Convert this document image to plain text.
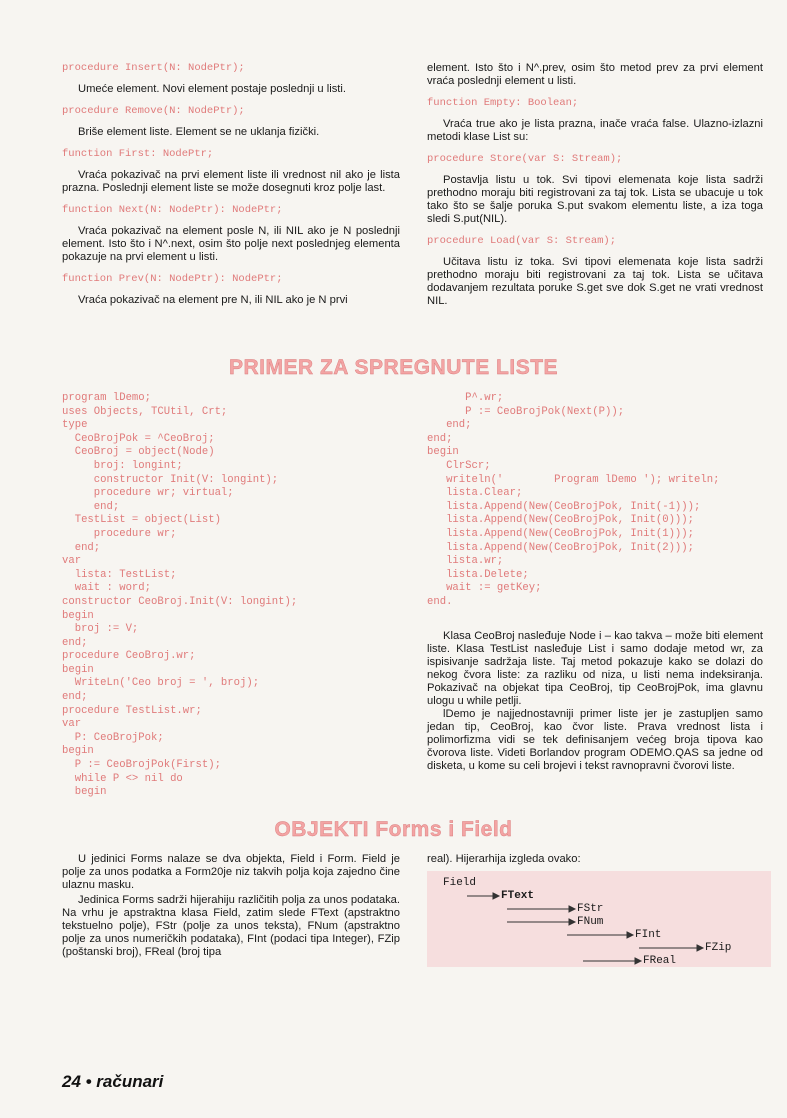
procedure Insert(N: NodePtr);
Umeće element. Novi element postaje poslednji u listi.
procedure Remove(N: NodePtr);
Briše element liste. Element se ne uklanja fizički.
function First: NodePtr;
Vraća pokazivač na prvi element liste ili vrednost nil ako je lista prazna. Poslednji element liste se može dosegnuti kroz polje last.
function Next(N: NodePtr): NodePtr;
Vraća pokazivač na element posle N, ili NIL ako je N poslednji element. Isto što i N^.next, osim što polje next poslednjeg elementa pokazuje na prvi element u listi.
function Prev(N: NodePtr): NodePtr;
Vraća pokazivač na element pre N, ili NIL ako je N prvi
element. Isto što i N^.prev, osim što metod prev za prvi element vraća poslednji element u listi.
function Empty: Boolean;
Vraća true ako je lista prazna, inače vraća false. Ulazno-izlazni metodi klase List su:
procedure Store(var S: Stream);
Postavlja listu u tok. Svi tipovi elemenata koje lista sadrži prethodno moraju biti registrovani za taj tok. Lista se ubacuje u tok tako što se šalje poruka S.put svakom elementu liste, a iza toga sledi S.put(NIL).
procedure Load(var S: Stream);
Učitava listu iz toka. Svi tipovi elemenata koje lista sadrži prethodno moraju biti registrovani za taj tok. Lista se učitava dodavanjem rezultata poruke S.get sve dok S.get ne vrati vrednost NIL.
PRIMER ZA SPREGNUTE LISTE
program lDemo;
uses Objects, TCUtil, Crt;
type
CeoBrojPok = ^CeoBroj;
CeoBroj = object(Node)
broj: longint;
constructor Init(V: longint);
procedure wr; virtual;
end;
TestList = object(List)
procedure wr;
end;
var
lista: TestList;
wait : word;
constructor CeoBroj.Init(V: longint);
begin
broj := V;
end;
procedure CeoBroj.wr;
begin
WriteLn('Ceo broj = ', broj);
end;
procedure TestList.wr;
var
P: CeoBrojPok;
begin
P := CeoBrojPok(First);
while P <> nil do
begin
P^.wr;
P := CeoBrojPok(Next(P));
end;
end;
begin
ClrScr;
writeln('        Program lDemo '); writeln;
lista.Clear;
lista.Append(New(CeoBrojPok, Init(-1)));
lista.Append(New(CeoBrojPok, Init(0)));
lista.Append(New(CeoBrojPok, Init(1)));
lista.Append(New(CeoBrojPok, Init(2)));
lista.wr;
lista.Delete;
wait := getKey;
end.
Klasa CeoBroj nasleđuje Node i – kao takva – može biti element liste. Klasa TestList nasleđuje List i samo dodaje metod wr, za ispisivanje sadržaja liste. Taj metod pokazuje kako se dolazi do nekog čvora liste: za razliku od niza, u listi nema indeksiranja. Pokazivač na objekat tipa CeoBroj, tip CeoBrojPok, ima glavnu ulogu u while petlji.
lDemo je najjednostavniji primer liste jer je zastupljen samo jedan tip, CeoBroj, kao čvor liste. Prava vrednost lista i polimorfizma vidi se tek definisanjem većeg broja tipova kao čvorova liste. Videti Borlandov program ODEMO.QAS sa jedne od disketa, u kome su celi brojevi i tekst ravnopravni čvorovi liste.
OBJEKTI Forms i Field
U jedinici Forms nalaze se dva objekta, Field i Form. Field je polje za unos podatka a Form20je niz takvih polja koja zajedno čine ulaznu masku.
Jedinica Forms sadrži hijerahiju različitih polja za unos podataka. Na vrhu je apstraktna klasa Field, zatim slede FText (apstraktno tekstuelno polje), FStr (polje za unos teksta), FNum (apstraktno polje za unos numeričkih podataka), FInt (podaci tipa Integer), FZip (poštanski broj), FReal (broj tipa
real). Hijerarhija izgleda ovako:
Field
FText
FStr
FNum
FInt
FZip
FReal
24 • računari
